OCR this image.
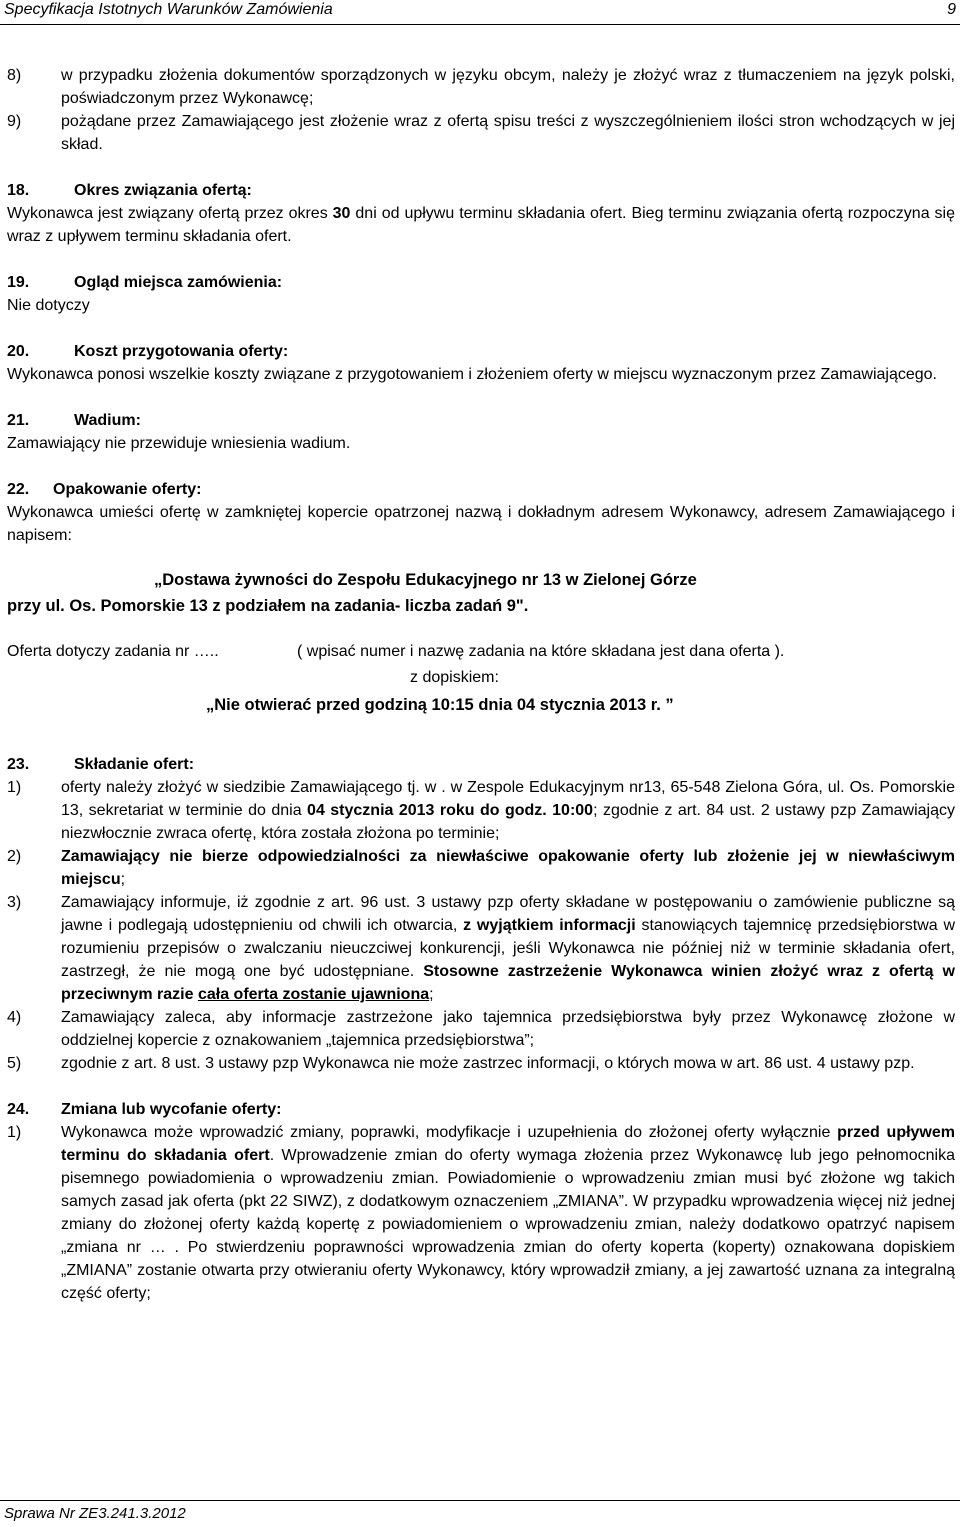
Specyfikacja Istotnych Warunków Zamówienia	9
8) w przypadku złożenia dokumentów sporządzonych w języku obcym, należy je złożyć wraz z tłumaczeniem na język polski, poświadczonym przez Wykonawcę;
9) pożądane przez Zamawiającego jest złożenie wraz z ofertą spisu treści z wyszczególnieniem ilości stron wchodzących w jej skład.
18.	Okres związania ofertą:
Wykonawca jest związany ofertą przez okres 30 dni od upływu terminu składania ofert. Bieg terminu związania ofertą rozpoczyna się wraz z upływem terminu składania ofert.
19.	Ogląd miejsca zamówienia:
Nie dotyczy
20.	Koszt przygotowania oferty:
Wykonawca ponosi wszelkie koszty związane z przygotowaniem i złożeniem oferty w miejscu wyznaczonym przez Zamawiającego.
21.	Wadium:
Zamawiający nie przewiduje wniesienia wadium.
22. Opakowanie oferty:
Wykonawca umieści ofertę w zamkniętej kopercie opatrzonej nazwą i dokładnym adresem Wykonawcy, adresem Zamawiającego i napisem:
„Dostawa żywności do Zespołu Edukacyjnego nr 13 w Zielonej Górze
przy ul. Os. Pomorskie 13 z podziałem na zadania- liczba zadań 9".
Oferta dotyczy zadania nr …..	( wpisać numer i nazwę zadania na które składana jest dana oferta ).
z dopiskiem:
„Nie otwierać przed godziną 10:15 dnia 04 stycznia 2013 r. ”
23.	Składanie ofert:
1) oferty należy złożyć w siedzibie Zamawiającego tj. w . w Zespole Edukacyjnym nr13, 65-548 Zielona Góra, ul. Os. Pomorskie 13, sekretariat w terminie do dnia 04 stycznia 2013 roku do godz. 10:00; zgodnie z art. 84 ust. 2 ustawy pzp Zamawiający niezwłocznie zwraca ofertę, która została złożona po terminie;
2) Zamawiający nie bierze odpowiedzialności za niewłaściwe opakowanie oferty lub złożenie jej w niewłaściwym miejscu;
3) Zamawiający informuje, iż zgodnie z art. 96 ust. 3 ustawy pzp oferty składane w postępowaniu o zamówienie publiczne są jawne i podlegają udostępnieniu od chwili ich otwarcia, z wyjątkiem informacji stanowiących tajemnicę przedsiębiorstwa w rozumieniu przepisów o zwalczaniu nieuczciwej konkurencji, jeśli Wykonawca nie później niż w terminie składania ofert, zastrzegł, że nie mogą one być udostępniane. Stosowne zastrzeżenie Wykonawca winien złożyć wraz z ofertą w przeciwnym razie cała oferta zostanie ujawniona;
4) Zamawiający zaleca, aby informacje zastrzeżone jako tajemnica przedsiębiorstwa były przez Wykonawcę złożone w oddzielnej kopercie z oznakowaniem „tajemnica przedsiębiorstwa”;
5) zgodnie z art. 8 ust. 3 ustawy pzp Wykonawca nie może zastrzec informacji, o których mowa w art. 86 ust. 4 ustawy pzp.
24. Zmiana lub wycofanie oferty:
1) Wykonawca może wprowadzić zmiany, poprawki, modyfikacje i uzupełnienia do złożonej oferty wyłącznie przed upływem terminu do składania ofert. Wprowadzenie zmian do oferty wymaga złożenia przez Wykonawcę lub jego pełnomocnika pisemnego powiadomienia o wprowadzeniu zmian. Powiadomienie o wprowadzeniu zmian musi być złożone wg takich samych zasad jak oferta (pkt 22 SIWZ), z dodatkowym oznaczeniem „ZMIANA”. W przypadku wprowadzenia więcej niż jednej zmiany do złożonej oferty każdą kopertę z powiadomieniem o wprowadzeniu zmian, należy dodatkowo opatrzyć napisem „zmiana nr … . Po stwierdzeniu poprawności wprowadzenia zmian do oferty koperta (koperty) oznakowana dopiskiem „ZMIANA” zostanie otwarta przy otwieraniu oferty Wykonawcy, który wprowadził zmiany, a jej zawartość uznana za integralną część oferty;
Sprawa Nr ZE3.241.3.2012
